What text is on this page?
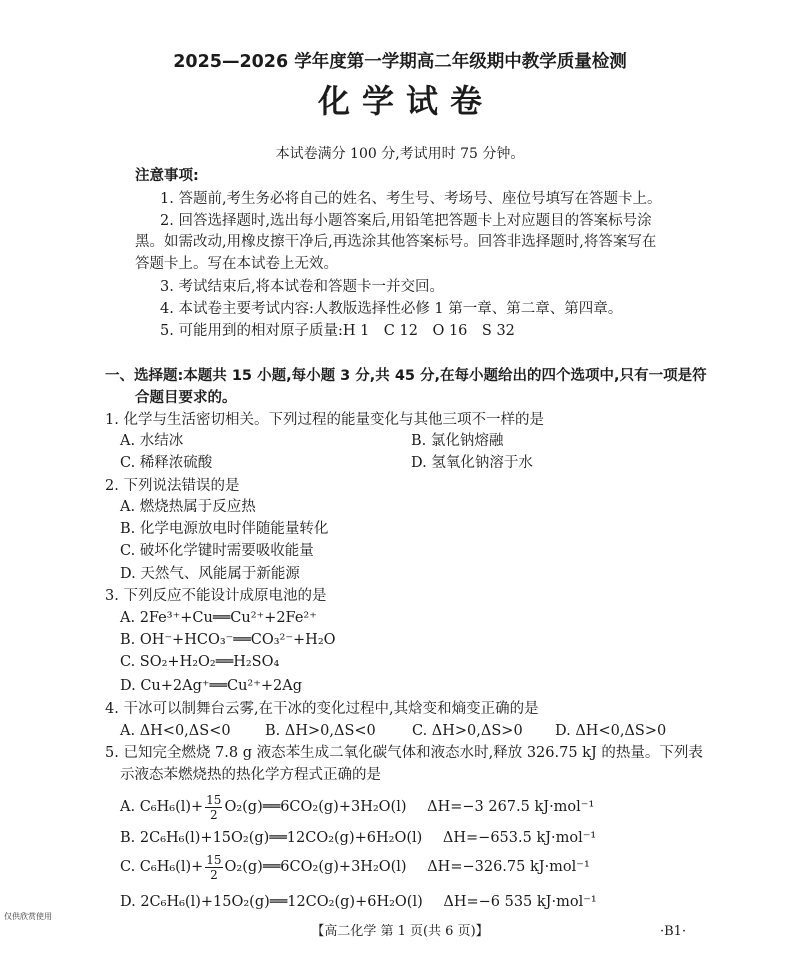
2025—2026 学年度第一学期高二年级期中教学质量检测
化学试卷
本试卷满分 100 分,考试用时 75 分钟。
注意事项:
1. 答题前,考生务必将自己的姓名、考生号、考场号、座位号填写在答题卡上。
2. 回答选择题时,选出每小题答案后,用铅笔把答题卡上对应题目的答案标号涂
黑。如需改动,用橡皮擦干净后,再选涂其他答案标号。回答非选择题时,将答案写在
答题卡上。写在本试卷上无效。
3. 考试结束后,将本试卷和答题卡一并交回。
4. 本试卷主要考试内容:人教版选择性必修 1 第一章、第二章、第四章。
5. 可能用到的相对原子质量:H 1　C 12　O 16　S 32
一、选择题:本题共 15 小题,每小题 3 分,共 45 分,在每小题给出的四个选项中,只有一项是符
合题目要求的。
1. 化学与生活密切相关。下列过程的能量变化与其他三项不一样的是
A. 水结冰	B. 氯化钠熔融
C. 稀释浓硫酸	D. 氢氧化钠溶于水
2. 下列说法错误的是
A. 燃烧热属于反应热
B. 化学电源放电时伴随能量转化
C. 破坏化学键时需要吸收能量
D. 天然气、风能属于新能源
3. 下列反应不能设计成原电池的是
A. 2Fe³⁺+Cu══Cu²⁺+2Fe²⁺
B. OH⁻+HCO₃⁻══CO₃²⁻+H₂O
C. SO₂+H₂O₂══H₂SO₄
D. Cu+2Ag⁺══Cu²⁺+2Ag
4. 干冰可以制舞台云雾,在干冰的变化过程中,其焓变和熵变正确的是
A. ΔH<0,ΔS<0 B. ΔH>0,ΔS<0 C. ΔH>0,ΔS>0 D. ΔH<0,ΔS>0
5. 已知完全燃烧 7.8 g 液态苯生成二氧化碳气体和液态水时,释放 326.75 kJ 的热量。下列表
示液态苯燃烧热的热化学方程式正确的是
A. $C_6H_6(l)+ \frac{15}{2}$ O₂(g)══6CO₂(g)+3H₂O(l) ΔH=−3 267.5 kJ·mol⁻¹
B. 2C₆H₆(l)+15O₂(g)══12CO₂(g)+6H₂O(l) ΔH=−653.5 kJ·mol⁻¹
C. $C_6H_6(l)+ \frac{15}{2}$ O₂(g)══6CO₂(g)+3H₂O(l) ΔH=−326.75 kJ·mol⁻¹
D. 2C₆H₆(l)+15O₂(g)══12CO₂(g)+6H₂O(l) ΔH=−6 535 kJ·mol⁻¹
仅供欣赏使用
【高二化学 第 1 页(共 6 页)】	·B1·
